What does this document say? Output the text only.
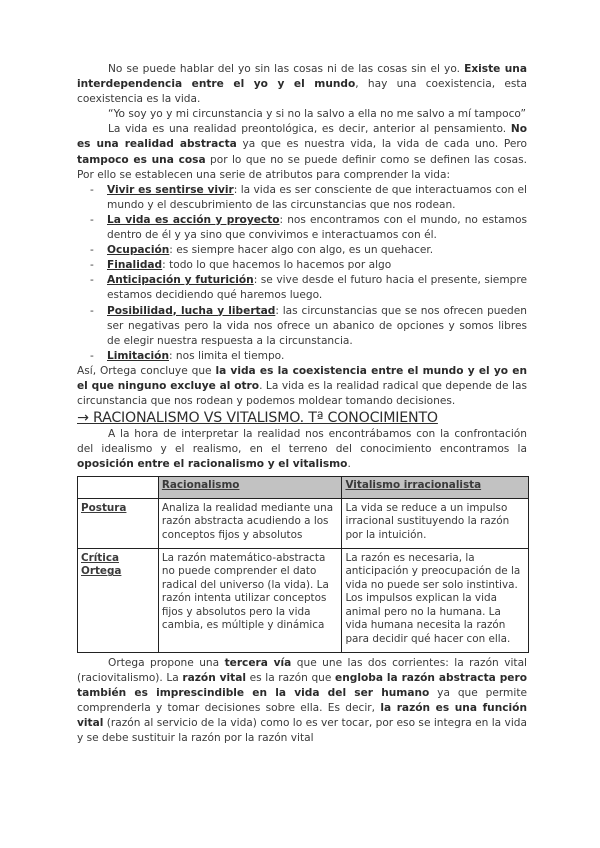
No se puede hablar del yo sin las cosas ni de las cosas sin el yo. Existe una interdependencia entre el yo y el mundo, hay una coexistencia, esta coexistencia es la vida.

“Yo soy yo y mi circunstancia y si no la salvo a ella no me salvo a mí tampoco”

La vida es una realidad preontológica, es decir, anterior al pensamiento. No es una realidad abstracta ya que es nuestra vida, la vida de cada uno. Pero tampoco es una cosa por lo que no se puede definir como se definen las cosas. Por ello se establecen una serie de atributos para comprender la vida:

- Vivir es sentirse vivir: la vida es ser consciente de que interactuamos con el mundo y el descubrimiento de las circunstancias que nos rodean.
- La vida es acción y proyecto: nos encontramos con el mundo, no estamos dentro de él y ya sino que convivimos e interactuamos con él.
- Ocupación: es siempre hacer algo con algo, es un quehacer.
- Finalidad: todo lo que hacemos lo hacemos por algo
- Anticipación y futurición: se vive desde el futuro hacia el presente, siempre estamos decidiendo qué haremos luego.
- Posibilidad, lucha y libertad: las circunstancias que se nos ofrecen pueden ser negativas pero la vida nos ofrece un abanico de opciones y somos libres de elegir nuestra respuesta a la circunstancia.
- Limitación: nos limita el tiempo.

Así, Ortega concluye que la vida es la coexistencia entre el mundo y el yo en el que ninguno excluye al otro. La vida es la realidad radical que depende de las circunstancia que nos rodean y podemos moldear tomando decisiones.

→ RACIONALISMO VS VITALISMO. Tª CONOCIMIENTO

A la hora de interpretar la realidad nos encontrábamos con la confrontación del idealismo y el realismo, en el terreno del conocimiento encontramos la oposición entre el racionalismo y el vitalismo.

	Racionalismo	Vitalismo irracionalista
Postura	Analiza la realidad mediante una razón abstracta acudiendo a los conceptos fijos y absolutos	La vida se reduce a un impulso irracional sustituyendo la razón por la intuición.
Crítica Ortega	La razón matemático-abstracta no puede comprender el dato radical del universo (la vida). La razón intenta utilizar conceptos fijos y absolutos pero la vida cambia, es múltiple y dinámica	La razón es necesaria, la anticipación y preocupación de la vida no puede ser solo instintiva. Los impulsos explican la vida animal pero no la humana. La vida humana necesita la razón para decidir qué hacer con ella.

Ortega propone una tercera vía que une las dos corrientes: la razón vital (raciovitalismo). La razón vital es la razón que engloba la razón abstracta pero también es imprescindible en la vida del ser humano ya que permite comprenderla y tomar decisiones sobre ella. Es decir, la razón es una función vital (razón al servicio de la vida) como lo es ver tocar, por eso se integra en la vida y se debe sustituir la razón por la razón vital
